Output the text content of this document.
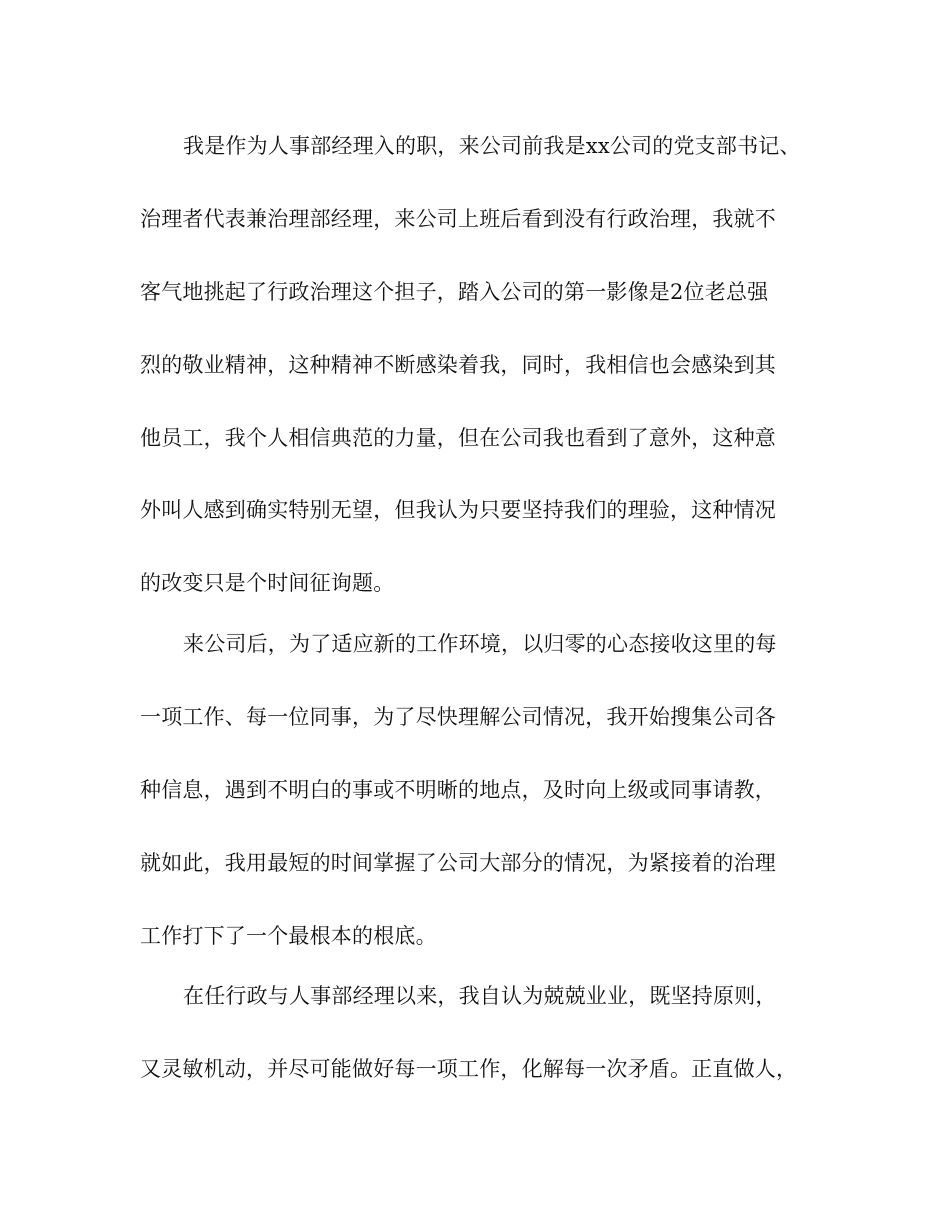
我是作为人事部经理入的职，来公司前我是xx公司的党支部书记、
治理者代表兼治理部经理，来公司上班后看到没有行政治理，我就不
客气地挑起了行政治理这个担子，踏入公司的第一影像是2位老总强
烈的敬业精神，这种精神不断感染着我，同时，我相信也会感染到其
他员工，我个人相信典范的力量，但在公司我也看到了意外，这种意
外叫人感到确实特别无望，但我认为只要坚持我们的理验，这种情况
的改变只是个时间征询题。
来公司后，为了适应新的工作环境，以归零的心态接收这里的每
一项工作、每一位同事，为了尽快理解公司情况，我开始搜集公司各
种信息，遇到不明白的事或不明晰的地点，及时向上级或同事请教，
就如此，我用最短的时间掌握了公司大部分的情况，为紧接着的治理
工作打下了一个最根本的根底。
在任行政与人事部经理以来，我自认为兢兢业业，既坚持原则，
又灵敏机动，并尽可能做好每一项工作，化解每一次矛盾。正直做人，
